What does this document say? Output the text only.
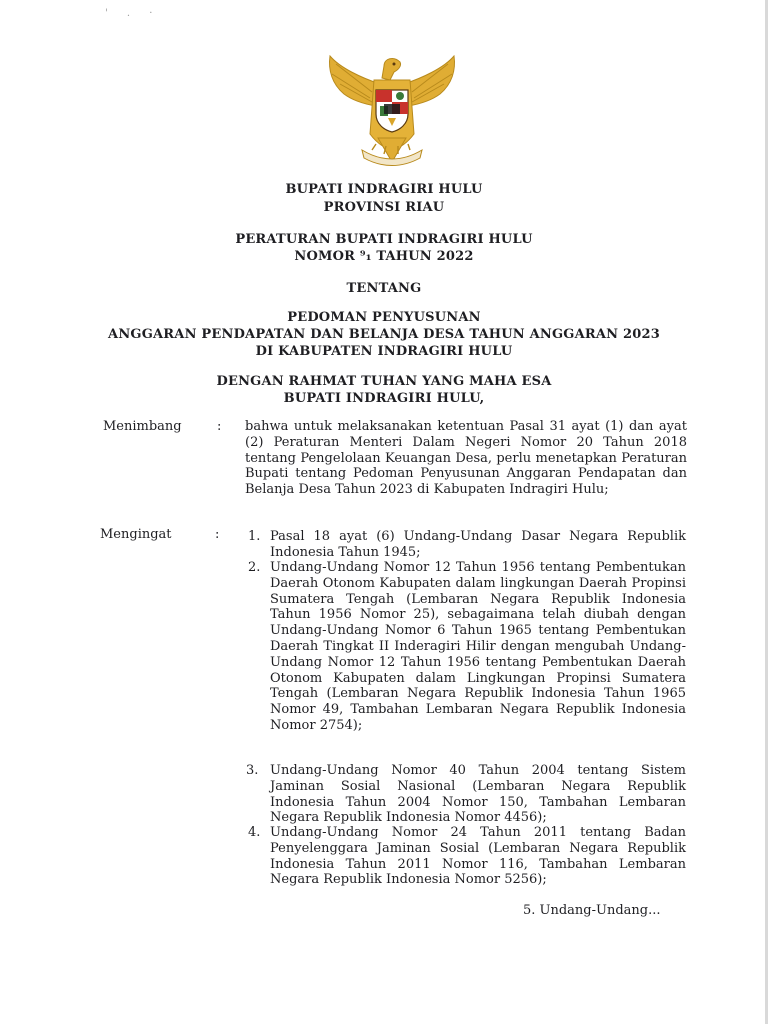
' . ·
BUPATI INDRAGIRI HULU
PROVINSI RIAU
PERATURAN BUPATI INDRAGIRI HULU
NOMOR ⁹₁ TAHUN 2022
TENTANG
PEDOMAN PENYUSUNAN
ANGGARAN PENDAPATAN DAN BELANJA DESA TAHUN ANGGARAN 2023
DI KABUPATEN INDRAGIRI HULU
DENGAN RAHMAT TUHAN YANG MAHA ESA
BUPATI INDRAGIRI HULU,
Menimbang	: bahwa untuk melaksanakan ketentuan Pasal 31 ayat (1) dan ayat (2) Peraturan Menteri Dalam Negeri Nomor 20 Tahun 2018 tentang Pengelolaan Keuangan Desa, perlu menetapkan Peraturan Bupati tentang Pedoman Penyusunan Anggaran Pendapatan dan Belanja Desa Tahun 2023 di Kabupaten Indragiri Hulu;
Mengingat	: 1. Pasal 18 ayat (6) Undang-Undang Dasar Negara Republik Indonesia Tahun 1945;
2. Undang-Undang Nomor 12 Tahun 1956 tentang Pembentukan Daerah Otonom Kabupaten dalam lingkungan Daerah Propinsi Sumatera Tengah (Lembaran Negara Republik Indonesia Tahun 1956 Nomor 25), sebagaimana telah diubah dengan Undang-Undang Nomor 6 Tahun 1965 tentang Pembentukan Daerah Tingkat II Inderagiri Hilir dengan mengubah Undang-Undang Nomor 12 Tahun 1956 tentang Pembentukan Daerah Otonom Kabupaten dalam Lingkungan Propinsi Sumatera Tengah (Lembaran Negara Republik Indonesia Tahun 1965 Nomor 49, Tambahan Lembaran Negara Republik Indonesia Nomor 2754);
3. Undang-Undang Nomor 40 Tahun 2004 tentang Sistem Jaminan Sosial Nasional (Lembaran Negara Republik Indonesia Tahun 2004 Nomor 150, Tambahan Lembaran Negara Republik Indonesia Nomor 4456);
4. Undang-Undang Nomor 24 Tahun 2011 tentang Badan Penyelenggara Jaminan Sosial (Lembaran Negara Republik Indonesia Tahun 2011 Nomor 116, Tambahan Lembaran Negara Republik Indonesia Nomor 5256);
5. Undang-Undang...
